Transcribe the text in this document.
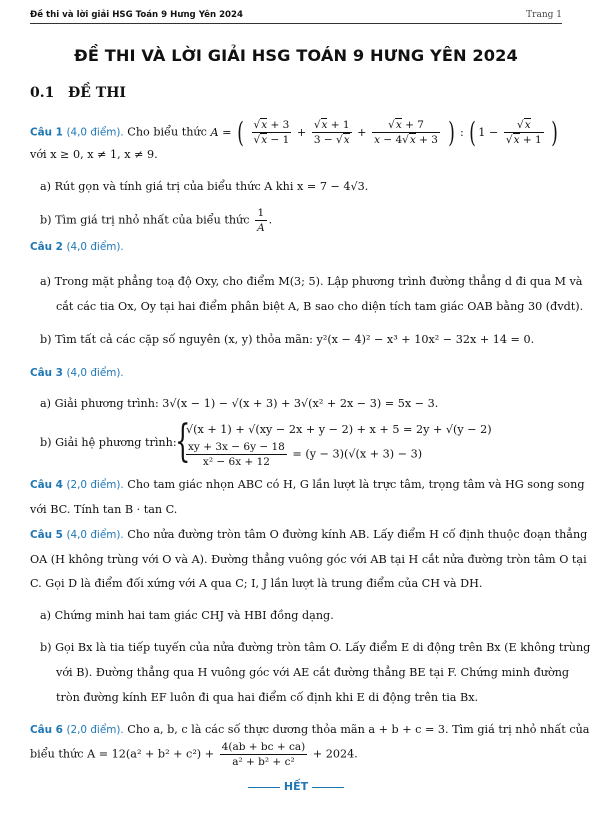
Đề thi và lời giải HSG Toán 9 Hưng Yên 2024	Trang 1
ĐỀ THI VÀ LỜI GIẢI HSG TOÁN 9 HƯNG YÊN 2024
0.1 ĐỀ THI
Câu 1 (4,0 điểm). Cho biểu thức A = ( $\frac{√x + 3}{√x - 1} + \frac{√x + 1}{3 - √x} + \frac{√x + 7}{x - 4√x + 3}$ ) : ( $1 - \frac{√x}{√x + 1}$ )
với x ≥ 0, x ≠ 1, x ≠ 9.
a) Rút gọn và tính giá trị của biểu thức A khi x = 7 − 4√3.
b) Tìm giá trị nhỏ nhất của biểu thức $\frac{1}{A}$ .
Câu 2 (4,0 điểm).
a) Trong mặt phẳng toạ độ Oxy, cho điểm M(3; 5). Lập phương trình đường thẳng d đi qua M và
cắt các tia Ox, Oy tại hai điểm phân biệt A, B sao cho diện tích tam giác OAB bằng 30 (đvdt).
b) Tìm tất cả các cặp số nguyên (x, y) thỏa mãn: y²(x − 4)² − x³ + 10x² − 32x + 14 = 0.
Câu 3 (4,0 điểm).
a) Giải phương trình: 3√(x − 1) − √(x + 3) + 3√(x² + 2x − 3) = 5x − 3.
b) Giải hệ phương trình:
{
√(x + 1) + √(xy − 2x + y − 2) + x + 5 = 2y + √(y − 2)
$\frac{xy + 3x - 6y - 18}{\text{x² − 6x + 12}} = (y - 3)(√(x + 3) - 3)$
Câu 4 (2,0 điểm). Cho tam giác nhọn ABC có H, G lần lượt là trực tâm, trọng tâm và HG song song
với BC. Tính tan B · tan C.
Câu 5 (4,0 điểm). Cho nửa đường tròn tâm O đường kính AB. Lấy điểm H cố định thuộc đoạn thẳng
OA (H không trùng với O và A). Đường thẳng vuông góc với AB tại H cắt nửa đường tròn tâm O tại
C. Gọi D là điểm đối xứng với A qua C; I, J lần lượt là trung điểm của CH và DH.
a) Chứng minh hai tam giác CHJ và HBI đồng dạng.
b) Gọi Bx là tia tiếp tuyến của nửa đường tròn tâm O. Lấy điểm E di động trên Bx (E không trùng
với B). Đường thẳng qua H vuông góc với AE cắt đường thẳng BE tại F. Chứng minh đường
tròn đường kính EF luôn đi qua hai điểm cố định khi E di động trên tia Bx.
Câu 6 (2,0 điểm). Cho a, b, c là các số thực dương thỏa mãn a + b + c = 3. Tìm giá trị nhỏ nhất của
biểu thức $A = 12(a^2 + b^2 + c^2) + \frac{4(ab + bc + ca)}{\text{a² + b² + c²}} + 2024$.
HẾT
